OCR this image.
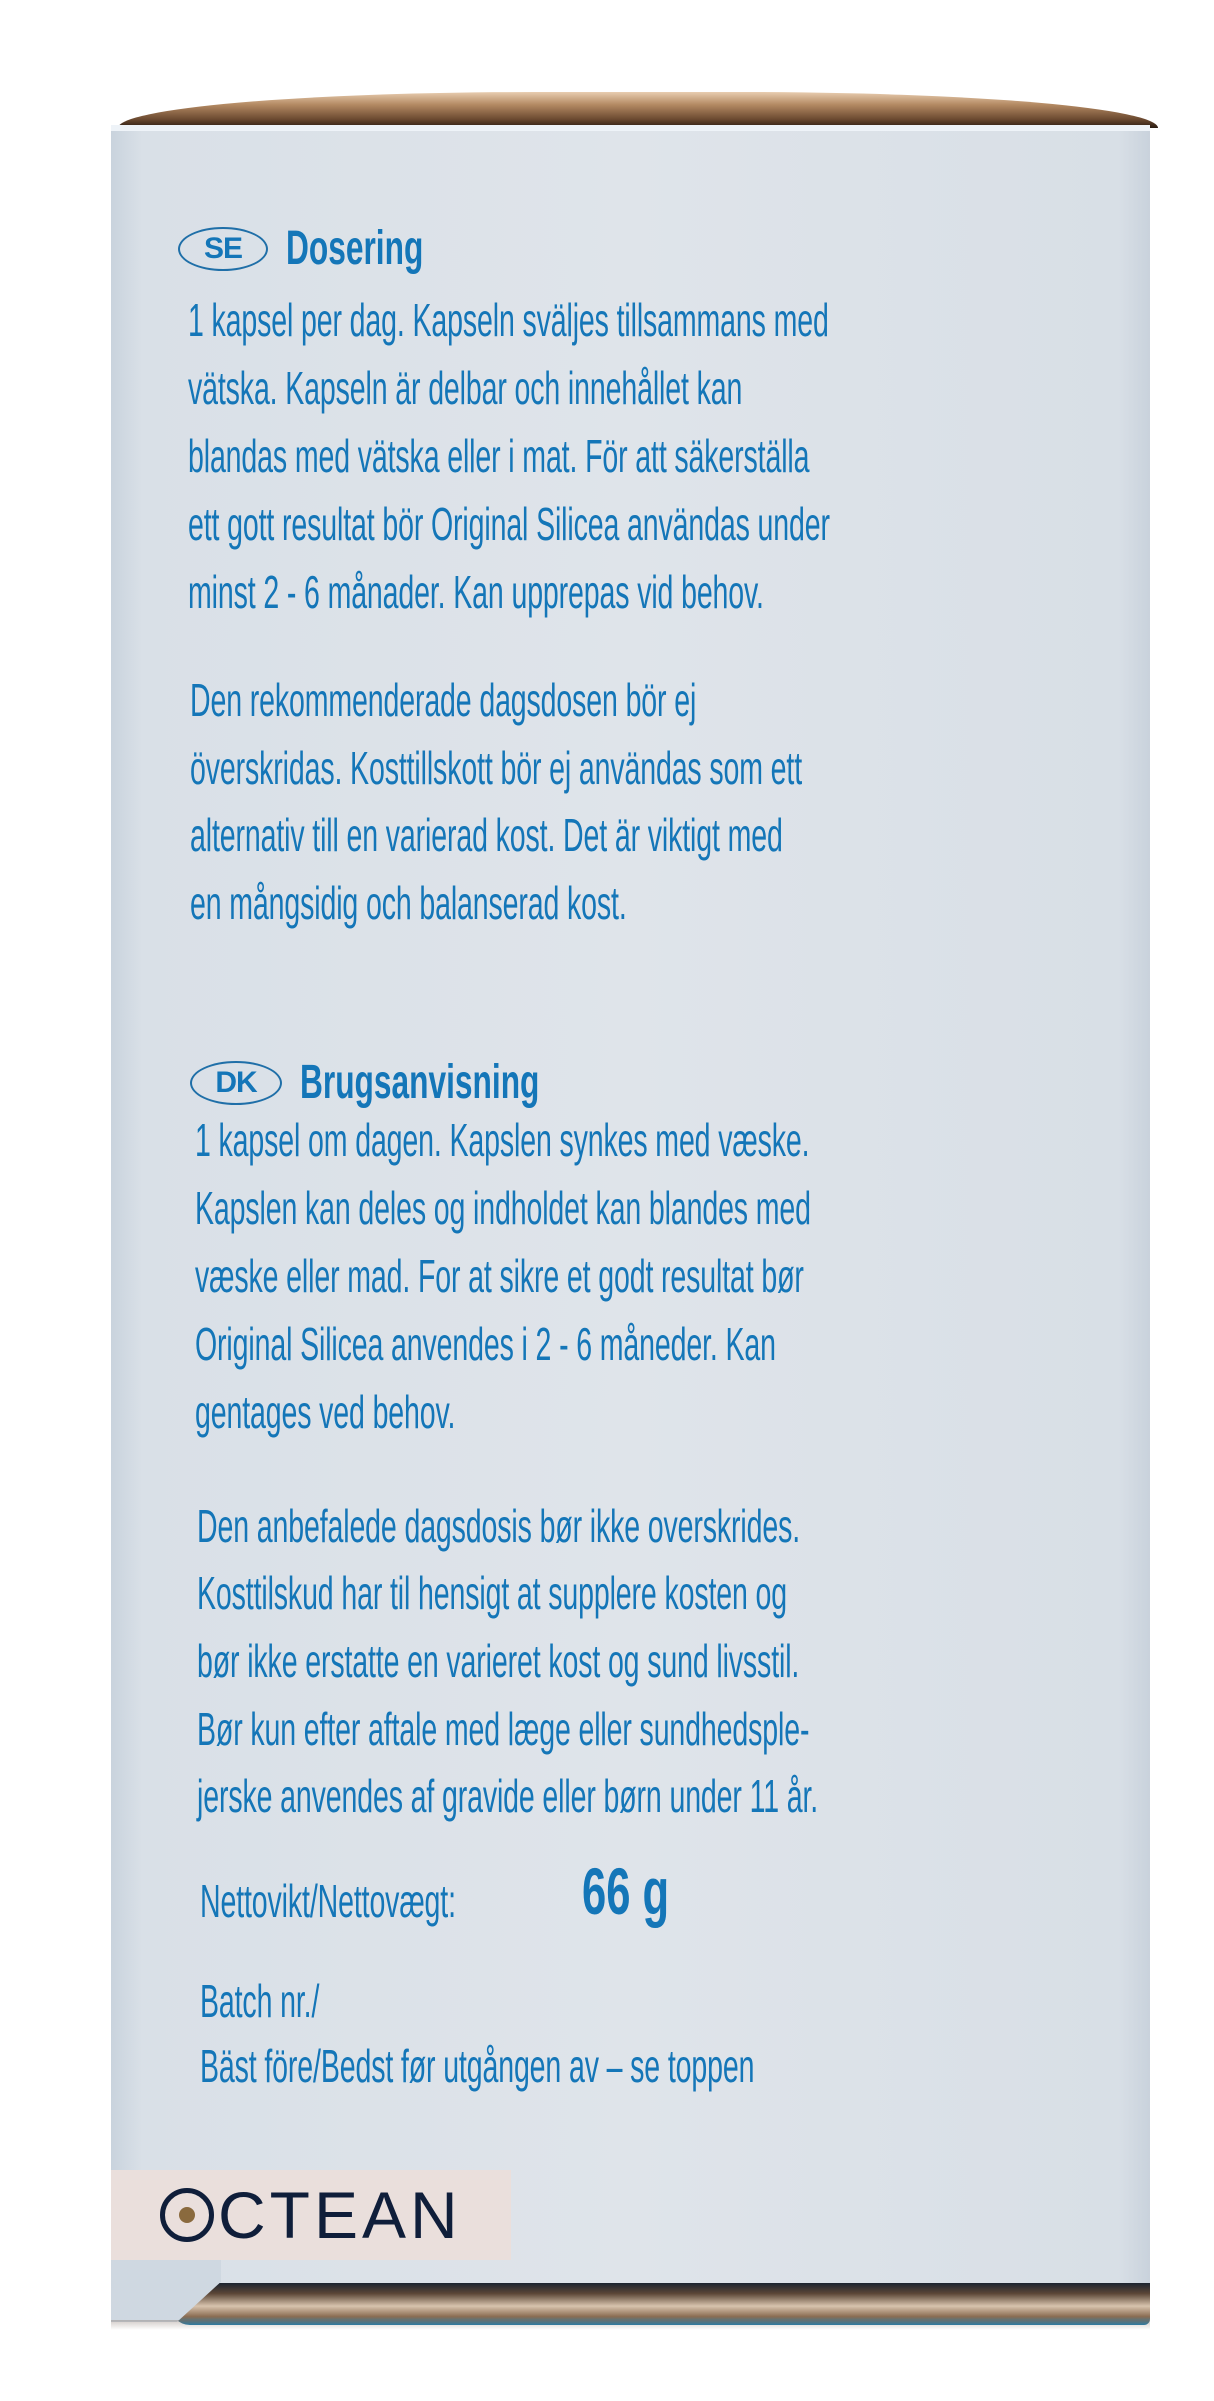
SE Dosering
1 kapsel per dag. Kapseln sväljes tillsammans med
vätska. Kapseln är delbar och innehållet kan
blandas med vätska eller i mat. För att säkerställa
ett gott resultat bör Original Silicea användas under
minst 2 - 6 månader. Kan upprepas vid behov.
Den rekommenderade dagsdosen bör ej
överskridas. Kosttillskott bör ej användas som ett
alternativ till en varierad kost. Det är viktigt med
en mångsidig och balanserad kost.
DK Brugsanvisning
1 kapsel om dagen. Kapslen synkes med væske.
Kapslen kan deles og indholdet kan blandes med
væske eller mad. For at sikre et godt resultat bør
Original Silicea anvendes i 2 - 6 måneder. Kan
gentages ved behov.
Den anbefalede dagsdosis bør ikke overskrides.
Kosttilskud har til hensigt at supplere kosten og
bør ikke erstatte en varieret kost og sund livsstil.
Bør kun efter aftale med læge eller sundhedsple-
jerske anvendes af gravide eller børn under 11 år.
Nettovikt/Nettovægt: 66 g
Batch nr./
Bäst före/Bedst før utgången av – se toppen
CTEAN
